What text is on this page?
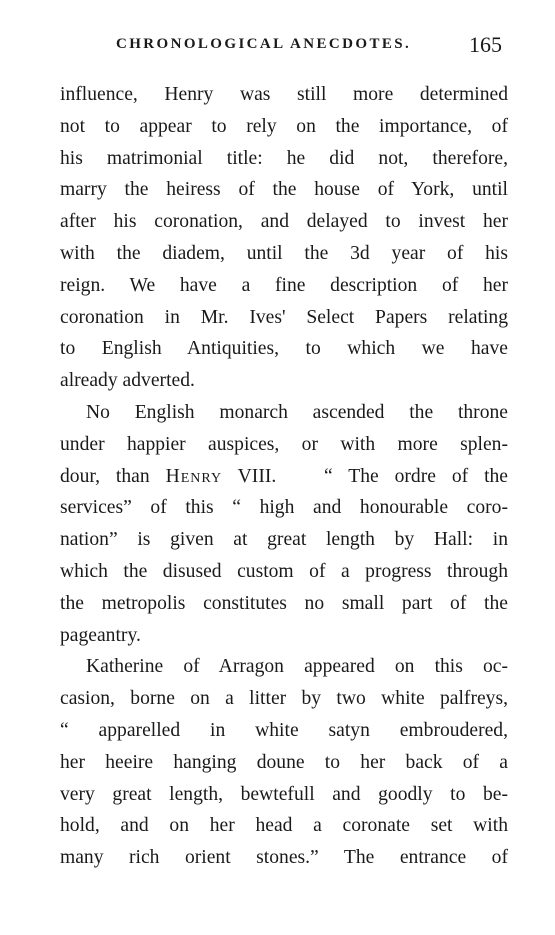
CHRONOLOGICAL ANECDOTES.	165
influence, Henry was still more determined
not to appear to rely on the importance, of
his matrimonial title: he did not, therefore,
marry the heiress of the house of York, until
after his coronation, and delayed to invest her
with the diadem, until the 3d year of his
reign. We have a fine description of her
coronation in Mr. Ives' Select Papers relating
to English Antiquities, to which we have
already adverted.
No English monarch ascended the throne
under happier auspices, or with more splen-
dour, than Henry VIII. “ The ordre of the
services” of this “ high and honourable coro-
nation” is given at great length by Hall: in
which the disused custom of a progress through
the metropolis constitutes no small part of the
pageantry.
Katherine of Arragon appeared on this oc-
casion, borne on a litter by two white palfreys,
“ apparelled in white satyn embroudered,
her heeire hanging doune to her back of a
very great length, bewtefull and goodly to be-
hold, and on her head a coronate set with
many rich orient stones.” The entrance of
